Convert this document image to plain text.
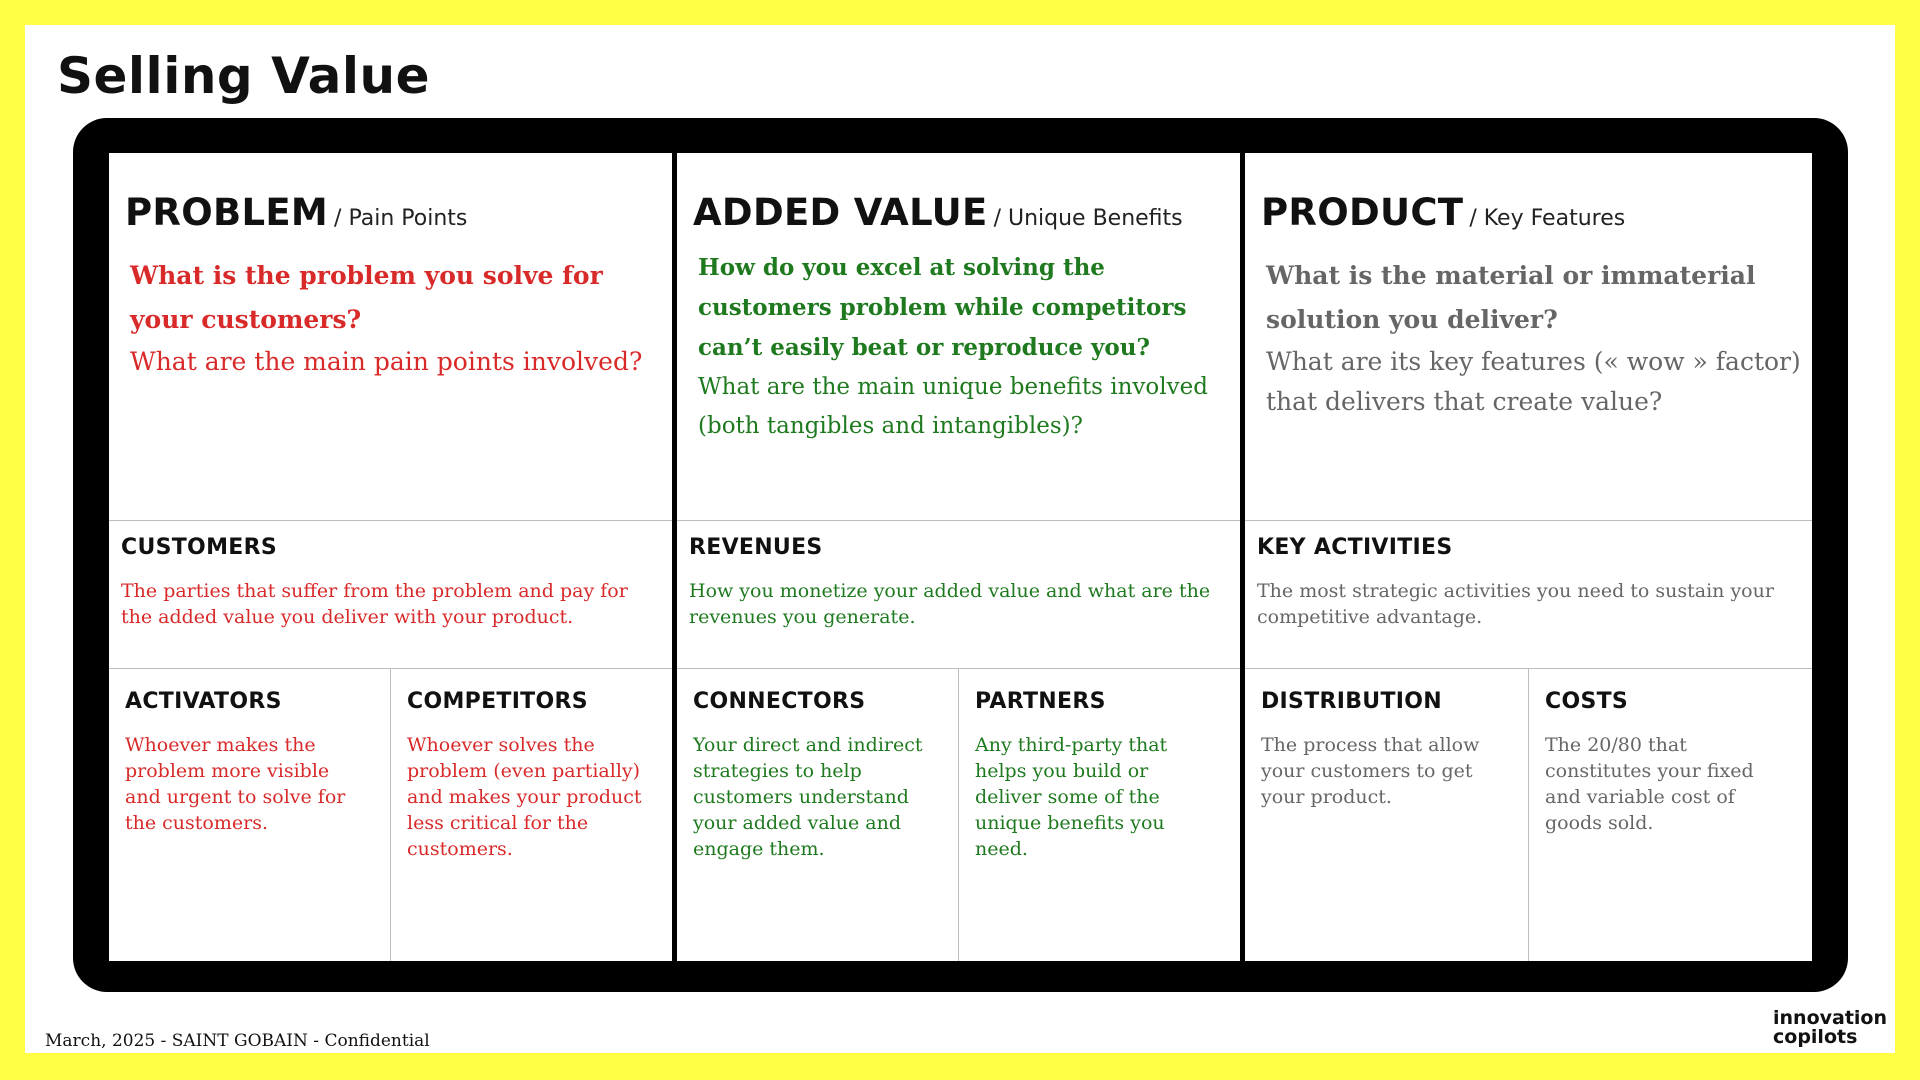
Selling Value
PROBLEM / Pain Points

What is the problem you solve for your customers?

What are the main pain points involved?

CUSTOMERS

The parties that suffer from the problem and pay for the added value you deliver with your product.

ACTIVATORS

Whoever makes the problem more visible and urgent to solve for the customers.

COMPETITORS

Whoever solves the problem (even partially) and makes your product less critical for the customers.

ADDED VALUE / Unique Benefits

How do you excel at solving the customers problem while competitors can’t easily beat or reproduce you?

What are the main unique benefits involved (both tangibles and intangibles)?

REVENUES

How you monetize your added value and what are the revenues you generate.

CONNECTORS

Your direct and indirect strategies to help customers understand your added value and engage them.

PARTNERS

Any third-party that helps you build or deliver some of the unique benefits you need.

PRODUCT / Key Features

What is the material or immaterial solution you deliver?

What are its key features (« wow » factor) that delivers that create value?

KEY ACTIVITIES

The most strategic activities you need to sustain your competitive advantage.

DISTRIBUTION

The process that allow your customers to get your product.

COSTS

The 20/80 that constitutes your fixed and variable cost of goods sold.

March, 2025 - SAINT GOBAIN - Confidential
innovation
copilots
